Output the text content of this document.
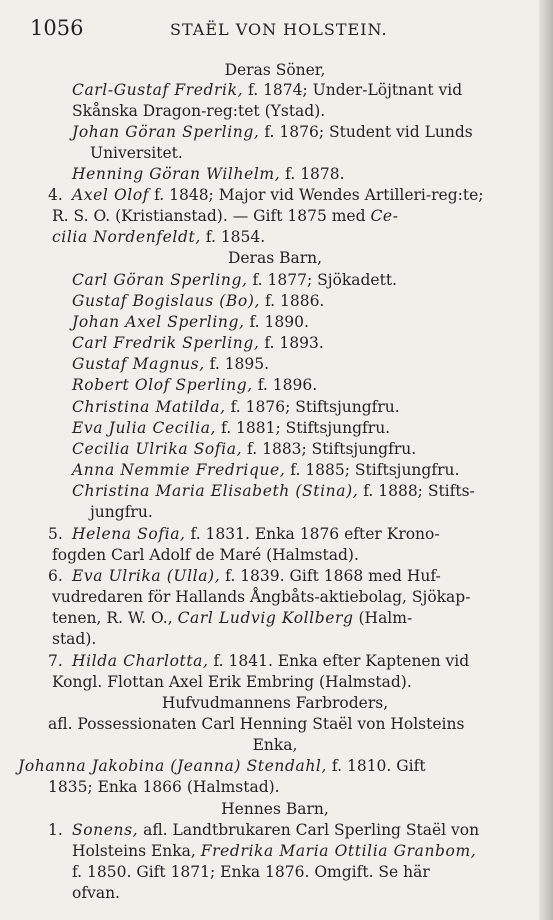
1056	STAËL VON HOLSTEIN.
Deras Söner,
Carl-Gustaf Fredrik, f. 1874; Under-Löjtnant vid
Skånska Dragon-reg:tet (Ystad).
Johan Göran Sperling, f. 1876; Student vid Lunds
Universitet.
Henning Göran Wilhelm, f. 1878.
4. Axel Olof f. 1848; Major vid Wendes Artilleri-reg:te;
R. S. O. (Kristianstad). — Gift 1875 med Ce-
cilia Nordenfeldt, f. 1854.
Deras Barn,
Carl Göran Sperling, f. 1877; Sjökadett.
Gustaf Bogislaus (Bo), f. 1886.
Johan Axel Sperling, f. 1890.
Carl Fredrik Sperling, f. 1893.
Gustaf Magnus, f. 1895.
Robert Olof Sperling, f. 1896.
Christina Matilda, f. 1876; Stiftsjungfru.
Eva Julia Cecilia, f. 1881; Stiftsjungfru.
Cecilia Ulrika Sofia, f. 1883; Stiftsjungfru.
Anna Nemmie Fredrique, f. 1885; Stiftsjungfru.
Christina Maria Elisabeth (Stina), f. 1888; Stifts-
jungfru.
5. Helena Sofia, f. 1831. Enka 1876 efter Krono-
fogden Carl Adolf de Maré (Halmstad).
6. Eva Ulrika (Ulla), f. 1839. Gift 1868 med Huf-
vudredaren för Hallands Ångbåts-aktiebolag, Sjökap-
tenen, R. W. O., Carl Ludvig Kollberg (Halm-
stad).
7. Hilda Charlotta, f. 1841. Enka efter Kaptenen vid
Kongl. Flottan Axel Erik Embring (Halmstad).
Hufvudmannens Farbroders,
afl. Possessionaten Carl Henning Staël von Holsteins
Enka,
Johanna Jakobina (Jeanna) Stendahl, f. 1810. Gift
1835; Enka 1866 (Halmstad).
Hennes Barn,
1. Sonens, afl. Landtbrukaren Carl Sperling Staël von
Holsteins Enka, Fredrika Maria Ottilia Granbom,
f. 1850. Gift 1871; Enka 1876. Omgift. Se här
ofvan.
